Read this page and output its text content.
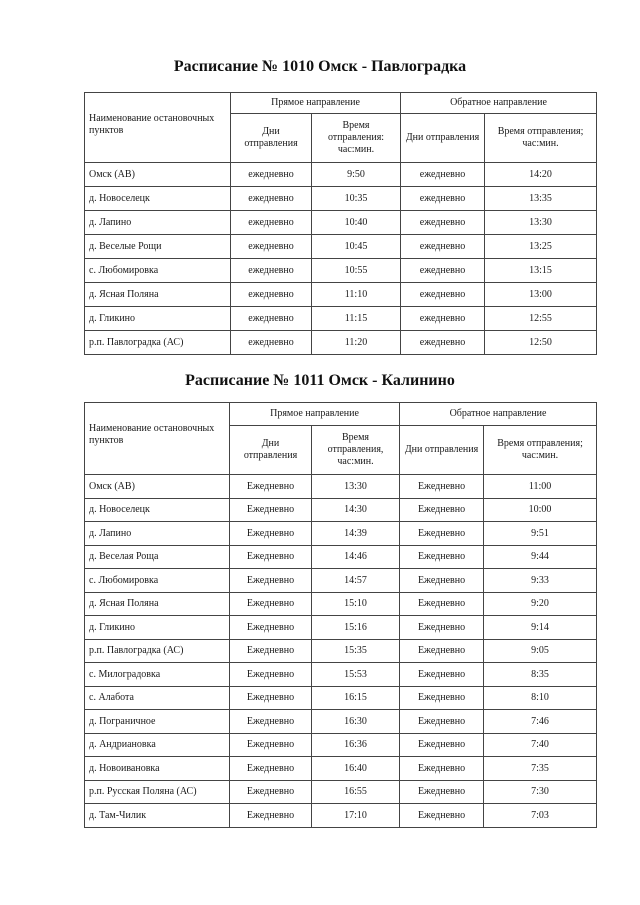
Расписание № 1010 Омск - Павлоградка
Наименование остановочных пунктов	Прямое направление		Обратное направление	
	Дни отправления	Время отправления: час:мин.	Дни отправления	Время отправления; час:мин.
Омск (АВ)	ежедневно	9:50	ежедневно	14:20
д. Новоселецк	ежедневно	10:35	ежедневно	13:35
д. Лапино	ежедневно	10:40	ежедневно	13:30
д. Веселые Рощи	ежедневно	10:45	ежедневно	13:25
с. Любомировка	ежедневно	10:55	ежедневно	13:15
д. Ясная Поляна	ежедневно	11:10	ежедневно	13:00
д. Гликино	ежедневно	11:15	ежедневно	12:55
р.п. Павлоградка (АС)	ежедневно	11:20	ежедневно	12:50
Расписание № 1011 Омск - Калинино
Наименование остановочных пунктов	Прямое направление		Обратное направление	
	Дни отправления	Время отправления, час:мин.	Дни отправления	Время отправления; час:мин.
Омск (АВ)	Ежедневно	13:30	Ежедневно	11:00
д. Новоселецк	Ежедневно	14:30	Ежедневно	10:00
д. Лапино	Ежедневно	14:39	Ежедневно	9:51
д. Веселая Роща	Ежедневно	14:46	Ежедневно	9:44
с. Любомировка	Ежедневно	14:57	Ежедневно	9:33
д. Ясная Поляна	Ежедневно	15:10	Ежедневно	9:20
д. Гликино	Ежедневно	15:16	Ежедневно	9:14
р.п. Павлоградка (АС)	Ежедневно	15:35	Ежедневно	9:05
с. Милоградовка	Ежедневно	15:53	Ежедневно	8:35
с. Алабота	Ежедневно	16:15	Ежедневно	8:10
д. Пограничное	Ежедневно	16:30	Ежедневно	7:46
д. Андриановка	Ежедневно	16:36	Ежедневно	7:40
д. Новоивановка	Ежедневно	16:40	Ежедневно	7:35
р.п. Русская Поляна (АС)	Ежедневно	16:55	Ежедневно	7:30
д. Там-Чилик	Ежедневно	17:10	Ежедневно	7:03
